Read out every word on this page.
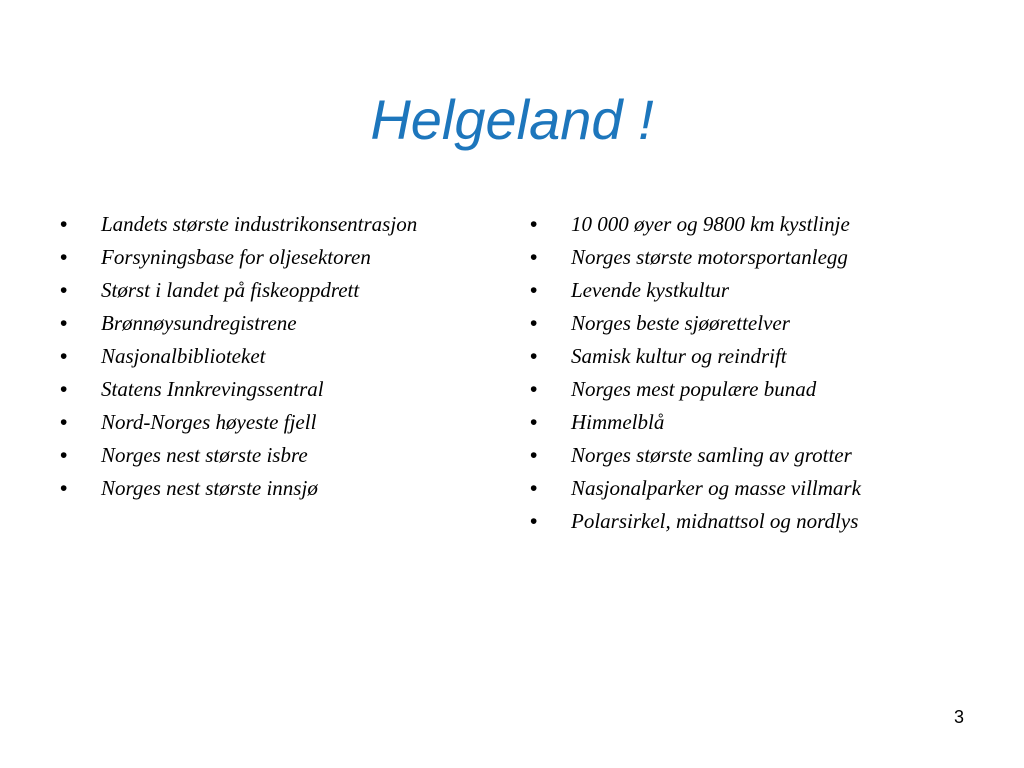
Helgeland !
• Landets største industrikonsentrasjon
• Forsyningsbase for oljesektoren
• Størst i landet på fiskeoppdrett
• Brønnøysundregistrene
• Nasjonalbiblioteket
• Statens Innkrevingssentral
• Nord-Norges høyeste fjell
• Norges nest største isbre
• Norges nest største innsjø
• 10 000 øyer og 9800 km kystlinje
• Norges største motorsportanlegg
• Levende kystkultur
• Norges beste sjøørettelver
• Samisk kultur og reindrift
• Norges mest populære bunad
• Himmelblå
• Norges største samling av grotter
• Nasjonalparker og masse villmark
• Polarsirkel, midnattsol og nordlys
3
